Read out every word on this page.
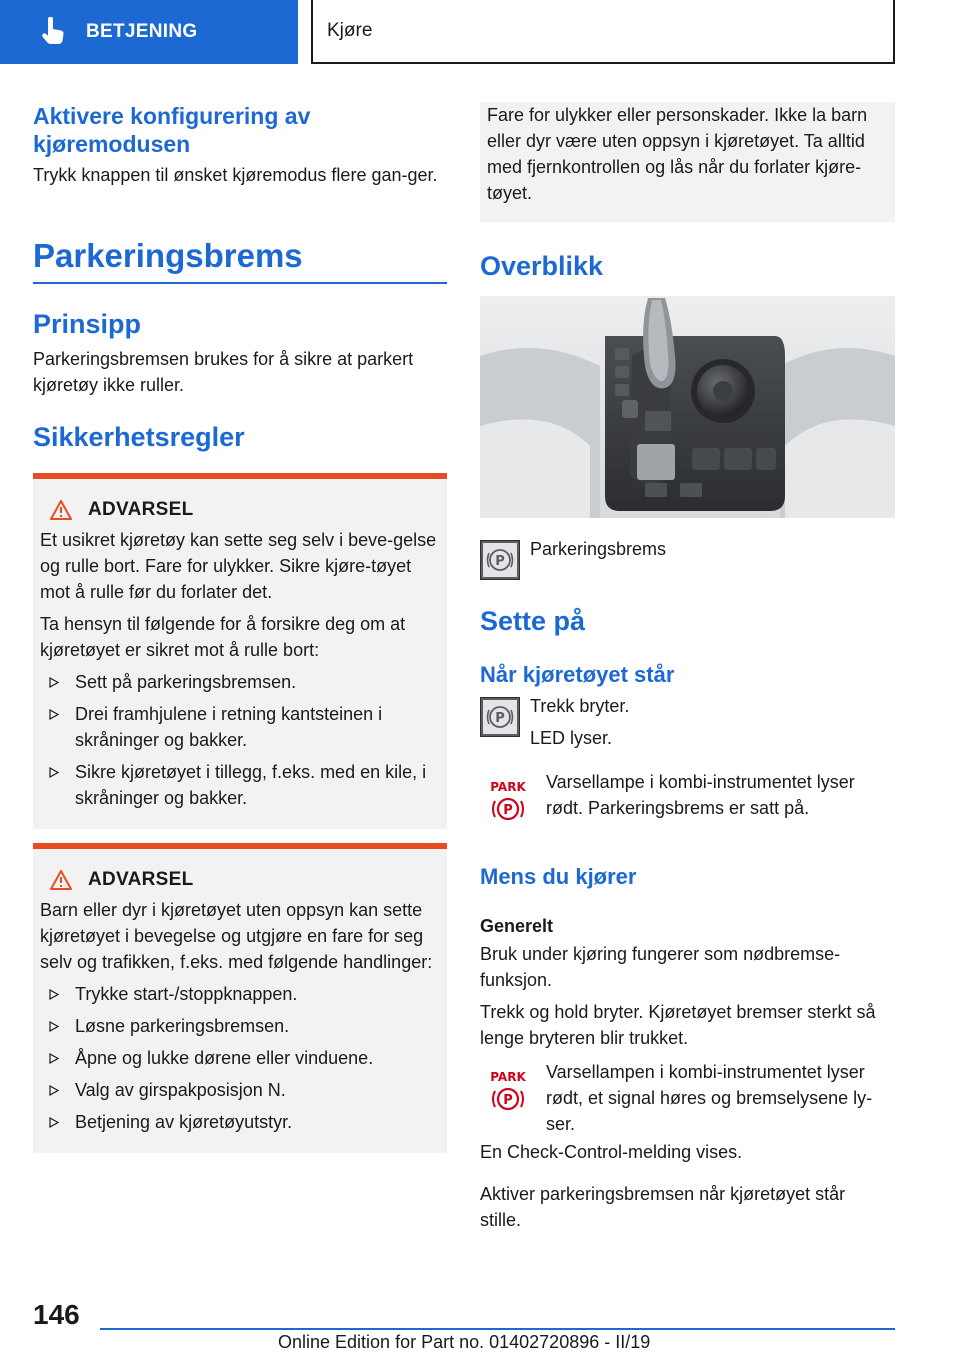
BETJENING	Kjøre
Aktivere konfigurering av kjøremodusen

Trykk knappen til ønsket kjøremodus flere gan-ger.

Parkeringsbrems
Prinsipp

Parkeringsbremsen brukes for å sikre at parkert kjøretøy ikke ruller.

Sikkerhetsregler
ADVARSEL

Et usikret kjøretøy kan sette seg selv i beve-gelse og rulle bort. Fare for ulykker. Sikre kjøre-tøyet mot å rulle før du forlater det.

Ta hensyn til følgende for å forsikre deg om at kjøretøyet er sikret mot å rulle bort:

Sett på parkeringsbremsen.
Drei framhjulene i retning kantsteinen i skråninger og bakker.
Sikre kjøretøyet i tillegg, f.eks. med en kile, i skråninger og bakker.
ADVARSEL

Barn eller dyr i kjøretøyet uten oppsyn kan sette kjøretøyet i bevegelse og utgjøre en fare for seg selv og trafikken, f.eks. med følgende handlinger:

Trykke start-/stoppknappen.
Løsne parkeringsbremsen.
Åpne og lukke dørene eller vinduene.
Valg av girspakposisjon N.
Betjening av kjøretøyutstyr.

Fare for ulykker eller personskader. Ikke la barn eller dyr være uten oppsyn i kjøretøyet. Ta alltid med fjernkontrollen og lås når du forlater kjøre-tøyet.

Overblikk
P
Parkeringsbrems
Sette på
Når kjøretøyet står
P
Trekk bryter.
LED lyser.
PARK
P

Varsellampe i kombi-instrumentet lyser rødt. Parkeringsbrems er satt på.

Mens du kjører
Generelt

Bruk under kjøring fungerer som nødbremse-funksjon.

Trekk og hold bryter. Kjøretøyet bremser sterkt så lenge bryteren blir trukket.

PARK
P

Varsellampen i kombi-instrumentet lyser rødt, et signal høres og bremselysene ly-ser.

En Check-Control-melding vises.

Aktiver parkeringsbremsen når kjøretøyet står stille.

146
Online Edition for Part no. 01402720896 - II/19
